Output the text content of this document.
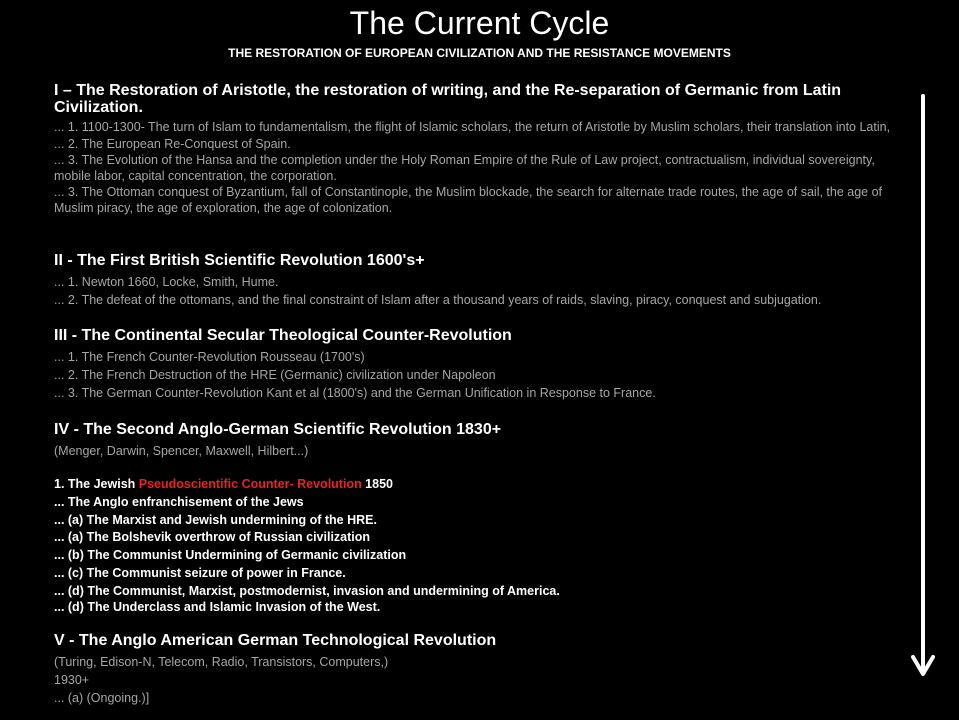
The Current Cycle
THE RESTORATION OF EUROPEAN CIVILIZATION AND THE RESISTANCE MOVEMENTS
I – The Restoration of Aristotle, the restoration of writing, and the Re-separation of Germanic from Latin Civilization.
... 1. 1100-1300- The turn of Islam to fundamentalism, the flight of Islamic scholars, the return of Aristotle by Muslim scholars, their translation into Latin,
... 2. The European Re-Conquest of Spain.
... 3. The Evolution of the Hansa and the completion under the Holy Roman Empire of the Rule of Law project, contractualism, individual sovereignty, mobile labor, capital concentration, the corporation.
... 3. The Ottoman conquest of Byzantium, fall of Constantinople, the Muslim blockade, the search for alternate trade routes, the age of sail, the age of Muslim piracy, the age of exploration, the age of colonization.
II - The First British Scientific Revolution 1600's+
... 1. Newton 1660, Locke, Smith, Hume.
... 2. The defeat of the ottomans, and the final constraint of Islam after a thousand years of raids, slaving, piracy, conquest and subjugation.
III - The Continental Secular Theological Counter-Revolution
... 1. The French Counter-Revolution Rousseau (1700's)
... 2. The French Destruction of the HRE (Germanic) civilization under Napoleon
... 3. The German Counter-Revolution Kant et al (1800's) and the German Unification in Response to France.
IV - The Second Anglo-German Scientific Revolution 1830+
(Menger, Darwin, Spencer, Maxwell, Hilbert...)
1. The Jewish Pseudoscientific Counter- Revolution 1850
... The Anglo enfranchisement of the Jews
... (a) The Marxist and Jewish undermining of the HRE.
... (a) The Bolshevik overthrow of Russian civilization
... (b) The Communist Undermining of Germanic civilization
... (c) The Communist seizure of power in France.
... (d) The Communist, Marxist, postmodernist, invasion and undermining of America.
... (d) The Underclass and Islamic Invasion of the West.
V - The Anglo American German Technological Revolution
(Turing, Edison-N, Telecom, Radio, Transistors, Computers,)
1930+
... (a) (Ongoing.)]
